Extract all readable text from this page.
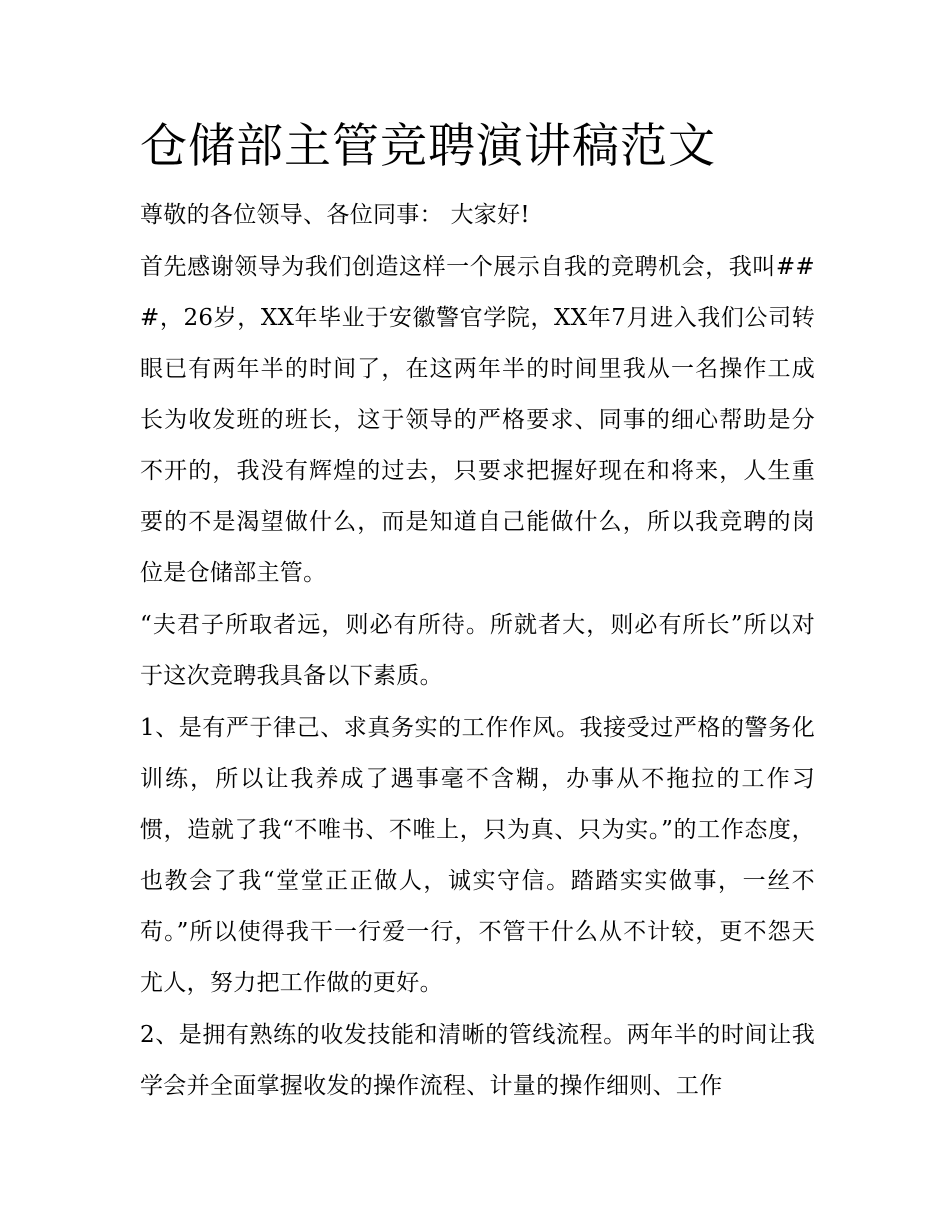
仓储部主管竞聘演讲稿范文

尊敬的各位领导、各位同事： 大家好!

首先感谢领导为我们创造这样一个展示自我的竞聘机会，我叫###，26岁，XX年毕业于安徽警官学院，XX年7月进入我们公司转眼已有两年半的时间了，在这两年半的时间里我从一名操作工成长为收发班的班长，这于领导的严格要求、同事的细心帮助是分不开的，我没有辉煌的过去，只要求把握好现在和将来，人生重要的不是渴望做什么，而是知道自己能做什么，所以我竞聘的岗位是仓储部主管。

“夫君子所取者远，则必有所待。所就者大，则必有所长”所以对于这次竞聘我具备以下素质。

1、是有严于律己、求真务实的工作作风。我接受过严格的警务化训练，所以让我养成了遇事毫不含糊，办事从不拖拉的工作习惯，造就了我“不唯书、不唯上，只为真、只为实。”的工作态度，也教会了我“堂堂正正做人，诚实守信。踏踏实实做事，一丝不苟。”所以使得我干一行爱一行，不管干什么从不计较，更不怨天尤人，努力把工作做的更好。

2、是拥有熟练的收发技能和清晰的管线流程。两年半的时间让我学会并全面掌握收发的操作流程、计量的操作细则、工作
